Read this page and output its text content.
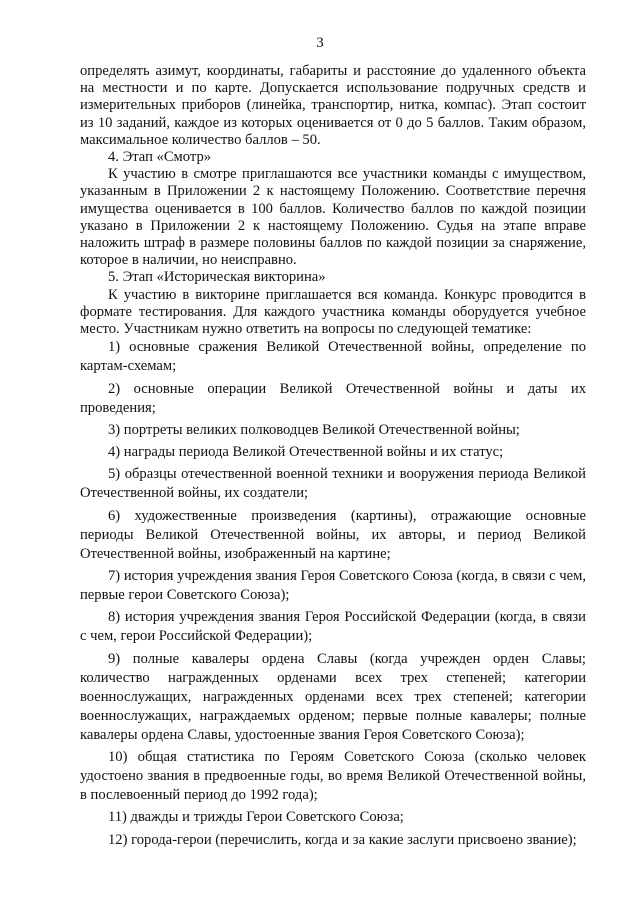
3

определять азимут, координаты, габариты и расстояние до удаленного объекта на местности и по карте. Допускается использование подручных средств и измерительных приборов (линейка, транспортир, нитка, компас). Этап состоит из 10 заданий, каждое из которых оценивается от 0 до 5 баллов. Таким образом, максимальное количество баллов – 50.

4. Этап «Смотр»

К участию в смотре приглашаются все участники команды с имуществом, указанным в Приложении 2 к настоящему Положению. Соответствие перечня имущества оценивается в 100 баллов. Количество баллов по каждой позиции указано в Приложении 2 к настоящему Положению. Судья на этапе вправе наложить штраф в размере половины баллов по каждой позиции за снаряжение, которое в наличии, но неисправно.

5. Этап «Историческая викторина»

К участию в викторине приглашается вся команда. Конкурс проводится в формате тестирования. Для каждого участника команды оборудуется учебное место. Участникам нужно ответить на вопросы по следующей тематике:

1) основные сражения Великой Отечественной войны, определение по картам-схемам;

2) основные операции Великой Отечественной войны и даты их проведения;

3) портреты великих полководцев Великой Отечественной войны;

4) награды периода Великой Отечественной войны и их статус;

5) образцы отечественной военной техники и вооружения периода Великой Отечественной войны, их создатели;

6) художественные произведения (картины), отражающие основные периоды Великой Отечественной войны, их авторы, и период Великой Отечественной войны, изображенный на картине;

7) история учреждения звания Героя Советского Союза (когда, в связи с чем, первые герои Советского Союза);

8) история учреждения звания Героя Российской Федерации (когда, в связи с чем, герои Российской Федерации);

9) полные кавалеры ордена Славы (когда учрежден орден Славы; количество награжденных орденами всех трех степеней; категории военнослужащих, награжденных орденами всех трех степеней; категории военнослужащих, награждаемых орденом; первые полные кавалеры; полные кавалеры ордена Славы, удостоенные звания Героя Советского Союза);

10) общая статистика по Героям Советского Союза (сколько человек удостоено звания в предвоенные годы, во время Великой Отечественной войны, в послевоенный период до 1992 года);

11) дважды и трижды Герои Советского Союза;

12) города-герои (перечислить, когда и за какие заслуги присвоено звание);
